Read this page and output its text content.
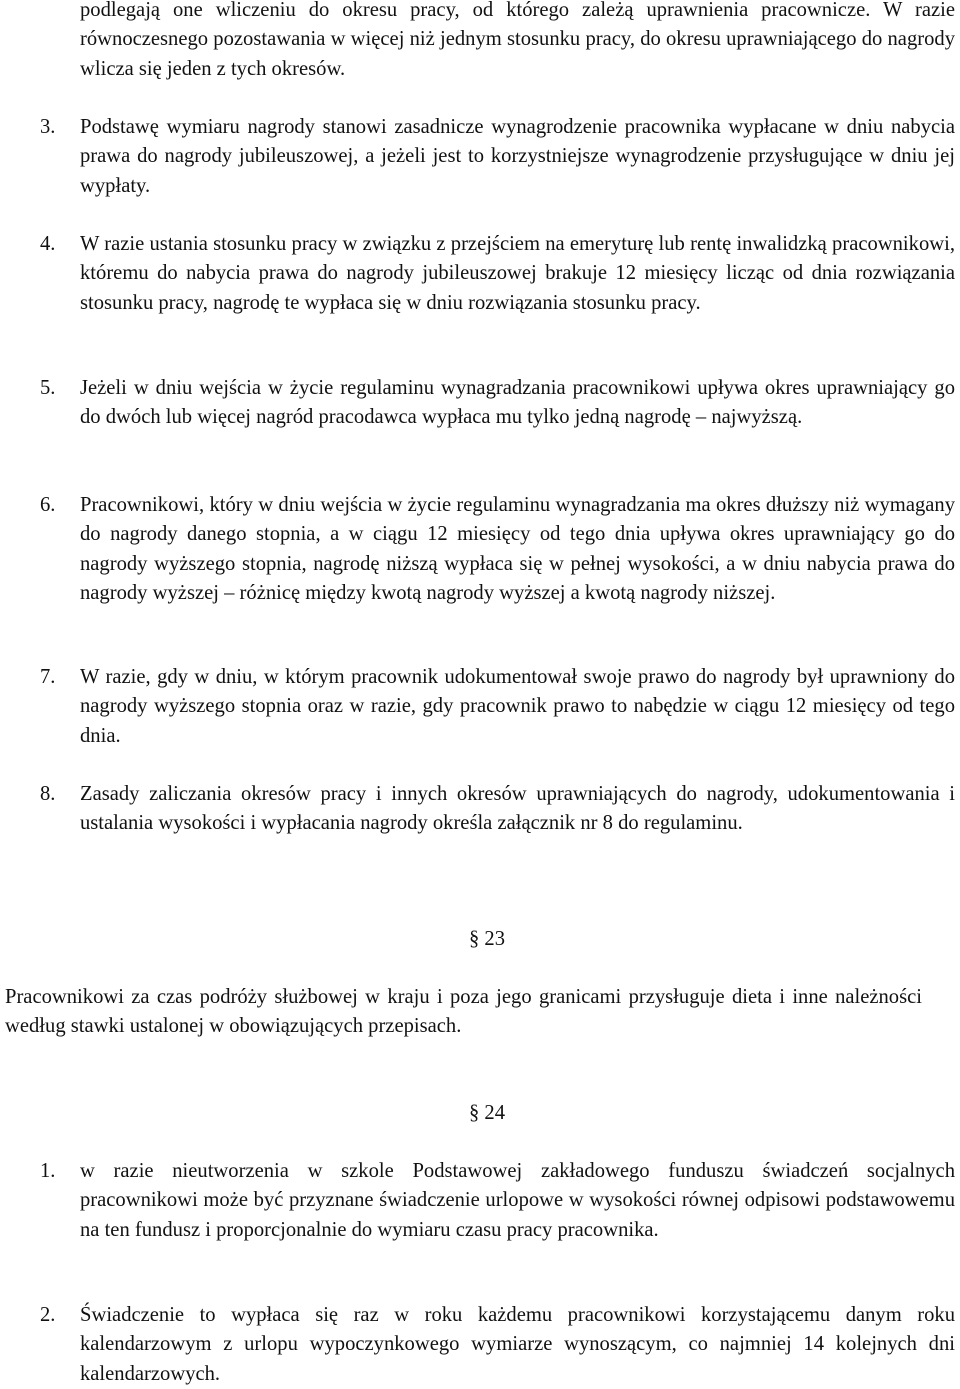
podlegają one wliczeniu do okresu pracy, od którego zależą uprawnienia pracownicze. W razie równoczesnego pozostawania w więcej niż jednym stosunku pracy, do okresu uprawniającego do nagrody wlicza się jeden z tych okresów.
3.	Podstawę wymiaru nagrody stanowi zasadnicze wynagrodzenie pracownika wypłacane w dniu nabycia prawa do nagrody jubileuszowej, a jeżeli jest to korzystniejsze wynagrodzenie przysługujące w dniu jej wypłaty.
4.	W razie ustania stosunku pracy w związku z przejściem na emeryturę lub rentę inwalidzką pracownikowi, któremu do nabycia prawa do nagrody jubileuszowej brakuje 12 miesięcy licząc od dnia rozwiązania stosunku pracy, nagrodę te wypłaca się w dniu rozwiązania stosunku pracy.
5.	Jeżeli w dniu wejścia w życie regulaminu wynagradzania pracownikowi upływa okres uprawniający go do dwóch lub więcej nagród pracodawca wypłaca mu tylko jedną nagrodę – najwyższą.
6.	Pracownikowi, który w dniu wejścia w życie regulaminu wynagradzania ma okres dłuższy niż wymagany do nagrody danego stopnia, a w ciągu 12 miesięcy od tego dnia upływa okres uprawniający go do nagrody wyższego stopnia, nagrodę niższą wypłaca się w pełnej wysokości, a w dniu nabycia prawa do nagrody wyższej – różnicę między kwotą nagrody wyższej a kwotą nagrody niższej.
7.	W razie, gdy w dniu, w którym pracownik udokumentował swoje prawo do nagrody był uprawniony do nagrody wyższego stopnia oraz w razie, gdy pracownik prawo to nabędzie w ciągu 12 miesięcy od tego dnia.
8.	Zasady zaliczania okresów pracy i innych okresów uprawniających do nagrody, udokumentowania i ustalania wysokości i wypłacania nagrody określa załącznik nr 8 do regulaminu.
§ 23
Pracownikowi za czas podróży służbowej w kraju i poza jego granicami przysługuje dieta i inne należności według stawki ustalonej w obowiązujących przepisach.
§ 24
1.	w razie nieutworzenia w szkole Podstawowej zakładowego funduszu świadczeń socjalnych pracownikowi może być przyznane świadczenie urlopowe w wysokości równej odpisowi podstawowemu na ten fundusz i proporcjonalnie do wymiaru czasu pracy pracownika.
2.	Świadczenie to wypłaca się raz w roku każdemu pracownikowi korzystającemu danym roku kalendarzowym z urlopu wypoczynkowego wymiarze wynoszącym, co najmniej 14 kolejnych dni kalendarzowych.
